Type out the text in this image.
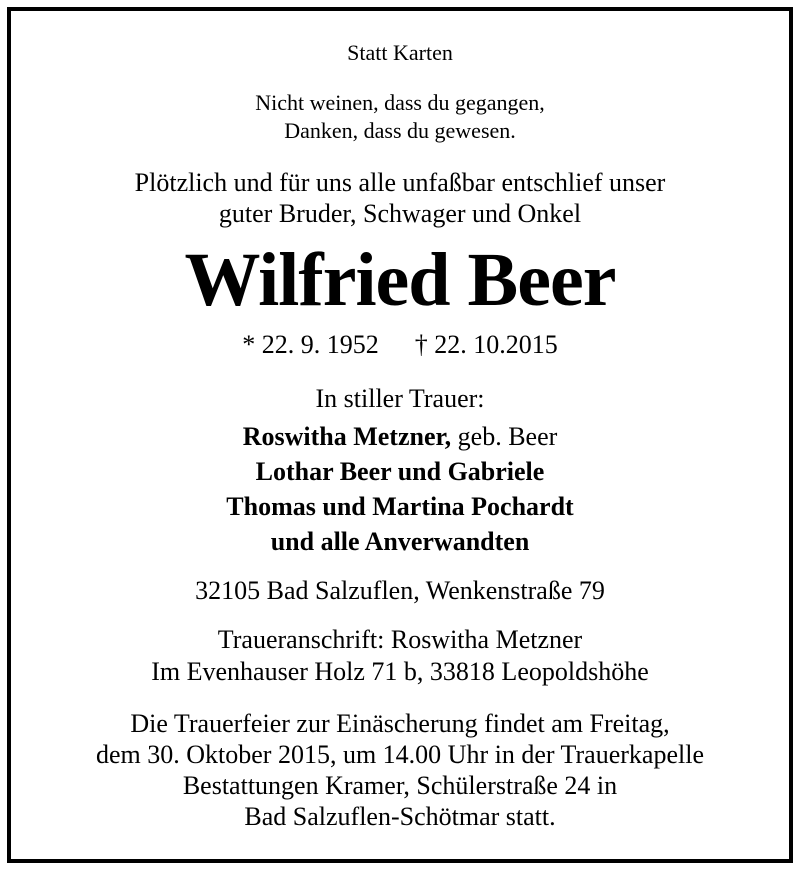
Statt Karten
Nicht weinen, dass du gegangen,
Danken, dass du gewesen.
Plötzlich und für uns alle unfaßbar entschlief unser
guter Bruder, Schwager und Onkel
Wilfried Beer
* 22. 9. 1952 † 22. 10.2015
In stiller Trauer:
Roswitha Metzner, geb. Beer
Lothar Beer und Gabriele
Thomas und Martina Pochardt
und alle Anverwandten
32105 Bad Salzuflen, Wenkenstraße 79
Traueranschrift: Roswitha Metzner
Im Evenhauser Holz 71 b, 33818 Leopoldshöhe
Die Trauerfeier zur Einäscherung findet am Freitag,
dem 30. Oktober 2015, um 14.00 Uhr in der Trauerkapelle
Bestattungen Kramer, Schülerstraße 24 in
Bad Salzuflen-Schötmar statt.
